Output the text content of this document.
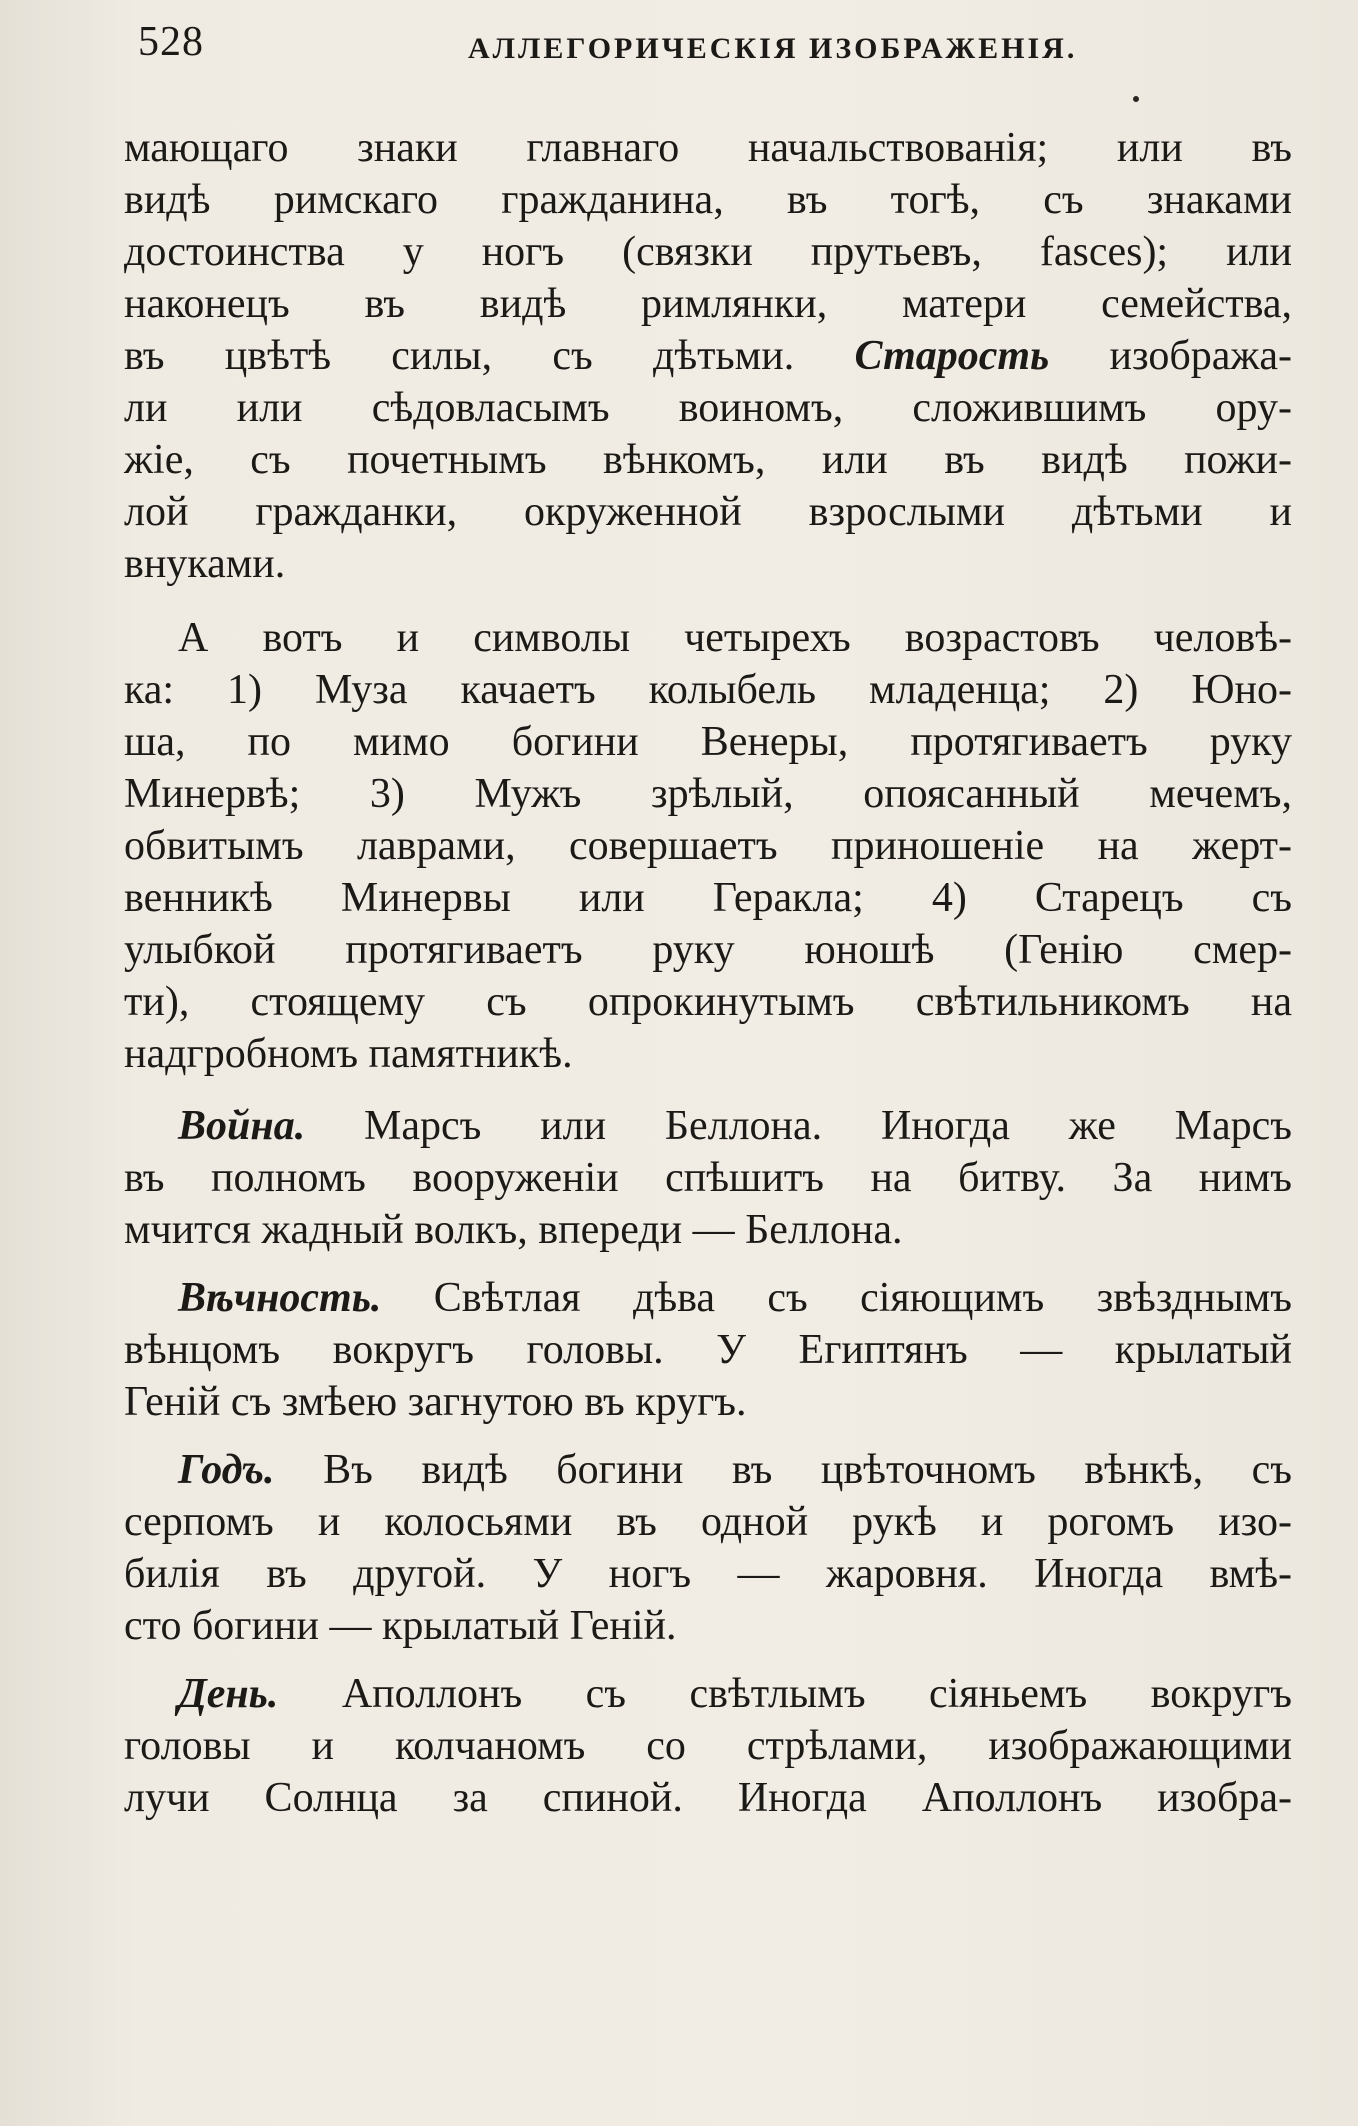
528	АЛЛЕГОРИЧЕСКІЯ ИЗОБРАЖЕНІЯ.
мающаго знаки главнаго начальствованія; или въ
видѣ римскаго гражданина, въ тогѣ, съ знаками
достоинства у ногъ (связки прутьевъ, fasces); или
наконецъ въ видѣ римлянки, матери семейства,
въ цвѣтѣ силы, съ дѣтьми. Старость изобража-
ли или сѣдовласымъ воиномъ, сложившимъ ору-
жіе, съ почетнымъ вѣнкомъ, или въ видѣ пожи-
лой гражданки, окруженной взрослыми дѣтьми и
внуками.
А вотъ и символы четырехъ возрастовъ человѣ-
ка: 1) Муза качаетъ колыбель младенца; 2) Юно-
ша, по мимо богини Венеры, протягиваетъ руку
Минервѣ; 3) Мужъ зрѣлый, опоясанный мечемъ,
обвитымъ лаврами, совершаетъ приношеніе на жерт-
венникѣ Минервы или Геракла; 4) Старецъ съ
улыбкой протягиваетъ руку юношѣ (Генію смер-
ти), стоящему съ опрокинутымъ свѣтильникомъ на
надгробномъ памятникѣ.
Война. Марсъ или Беллона. Иногда же Марсъ
въ полномъ вооруженіи спѣшитъ на битву. За нимъ
мчится жадный волкъ, впереди — Беллона.
Вѣчность. Свѣтлая дѣва съ сіяющимъ звѣзднымъ
вѣнцомъ вокругъ головы. У Египтянъ — крылатый
Геній съ змѣею загнутою въ кругъ.
Годъ. Въ видѣ богини въ цвѣточномъ вѣнкѣ, съ
серпомъ и колосьями въ одной рукѣ и рогомъ изо-
билія въ другой. У ногъ — жаровня. Иногда вмѣ-
сто богини — крылатый Геній.
День. Аполлонъ съ свѣтлымъ сіяньемъ вокругъ
головы и колчаномъ со стрѣлами, изображающими
лучи Солнца за спиной. Иногда Аполлонъ изобра-
